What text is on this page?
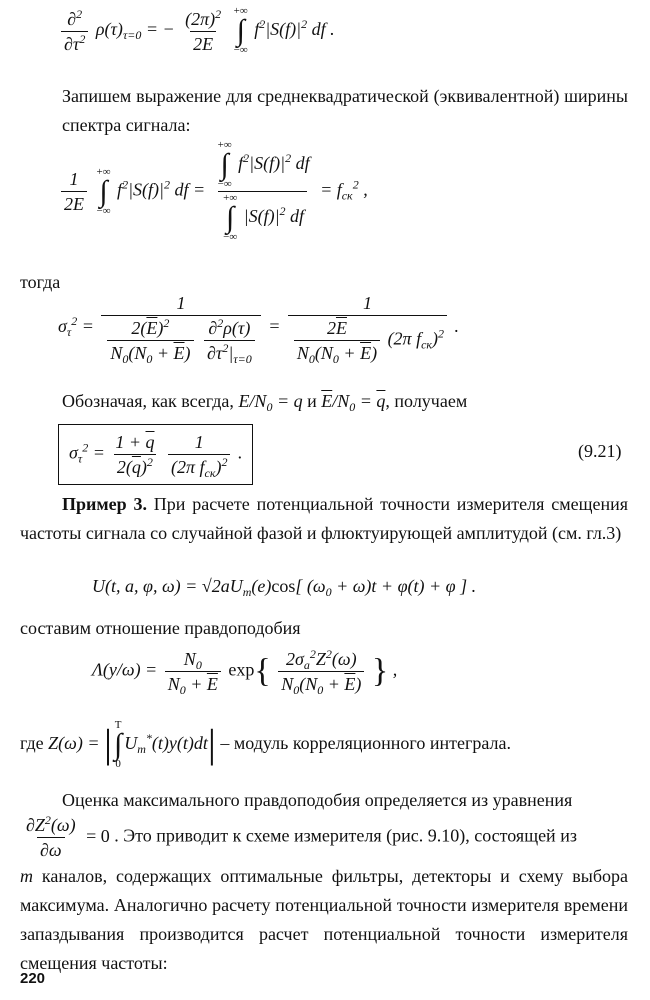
$\frac{\partial^2}{\partial\tau^2} \rho(\tau)_{\tau=0}$ = − $\frac{(2\pi)^2}{2E}$
+∞
∫
−∞
$f^2|S(f)|^2$ df .
Запишем выражение для среднеквадратической (эквивалентной) ширины спектра сигнала:
$\frac{1}{2E}$
+∞
∫
−∞
$f^2|S(f)|^2$ df = +∞
∫
−∞
$f^2|S(f)|^2$ df
+∞
∫
−∞
$|S(f)|^2$ df = $f_{ск}^2$ ,
тогда
$\sigma_\tau^2 = 1$
$\frac{2(\overline{E})^2}{N_0(N_0 + \overline{E})}$
$\frac{\partial^2\rho(\tau)}{\partial\tau^2|_{\tau=0}} = \frac{1}{\frac{2\overline{E}}{N_0(N_0 + \overline{E})} (2\pi f_{ск})^2}$ .
Обозначая, как всегда, $E/N_0 = q$ и $\overline{E}/N_0 = \overline{q}$, получаем
$\sigma_\tau^2 = \frac{1 + \overline{q}}{2(\overline{q})^2}$
$\frac{1}{(2\pi f_{ск})^2}$ .	(9.21)
Пример 3. При расчете потенциальной точности измерителя смещения частоты сигнала со случайной фазой и флюктуирующей амплитудой (см. гл.3)
U(t, a, φ, $\omega) = √2aU_m(e)\cos$[ $(\omega_0 + \omega)t + \varphi(t) + \varphi$ ] .
составим отношение правдоподобия
$\Lambda(y/\omega) = \frac{N_0}{N_0 + \overline{E}} \exp\{ \frac{2\sigma_a^2Z^2(\omega)}{N_0(N_0 + \overline{E})}$ } ,
где Z(ω) = | T
∫
0
$U_m^*(t)y(t)dt|$ – модуль корреляционного интеграла.
Оценка максимального правдоподобия определяется из уравнения
$\frac{\partial Z^2(\omega)}{\partial\omega} = 0$ . Это приводит к схеме измерителя (рис. 9.10), состоящей из
m каналов, содержащих оптимальные фильтры, детекторы и схему выбора максимума. Аналогично расчету потенциальной точности измерителя времени запаздывания производится расчет потенциальной точности измерителя смещения частоты:
220
